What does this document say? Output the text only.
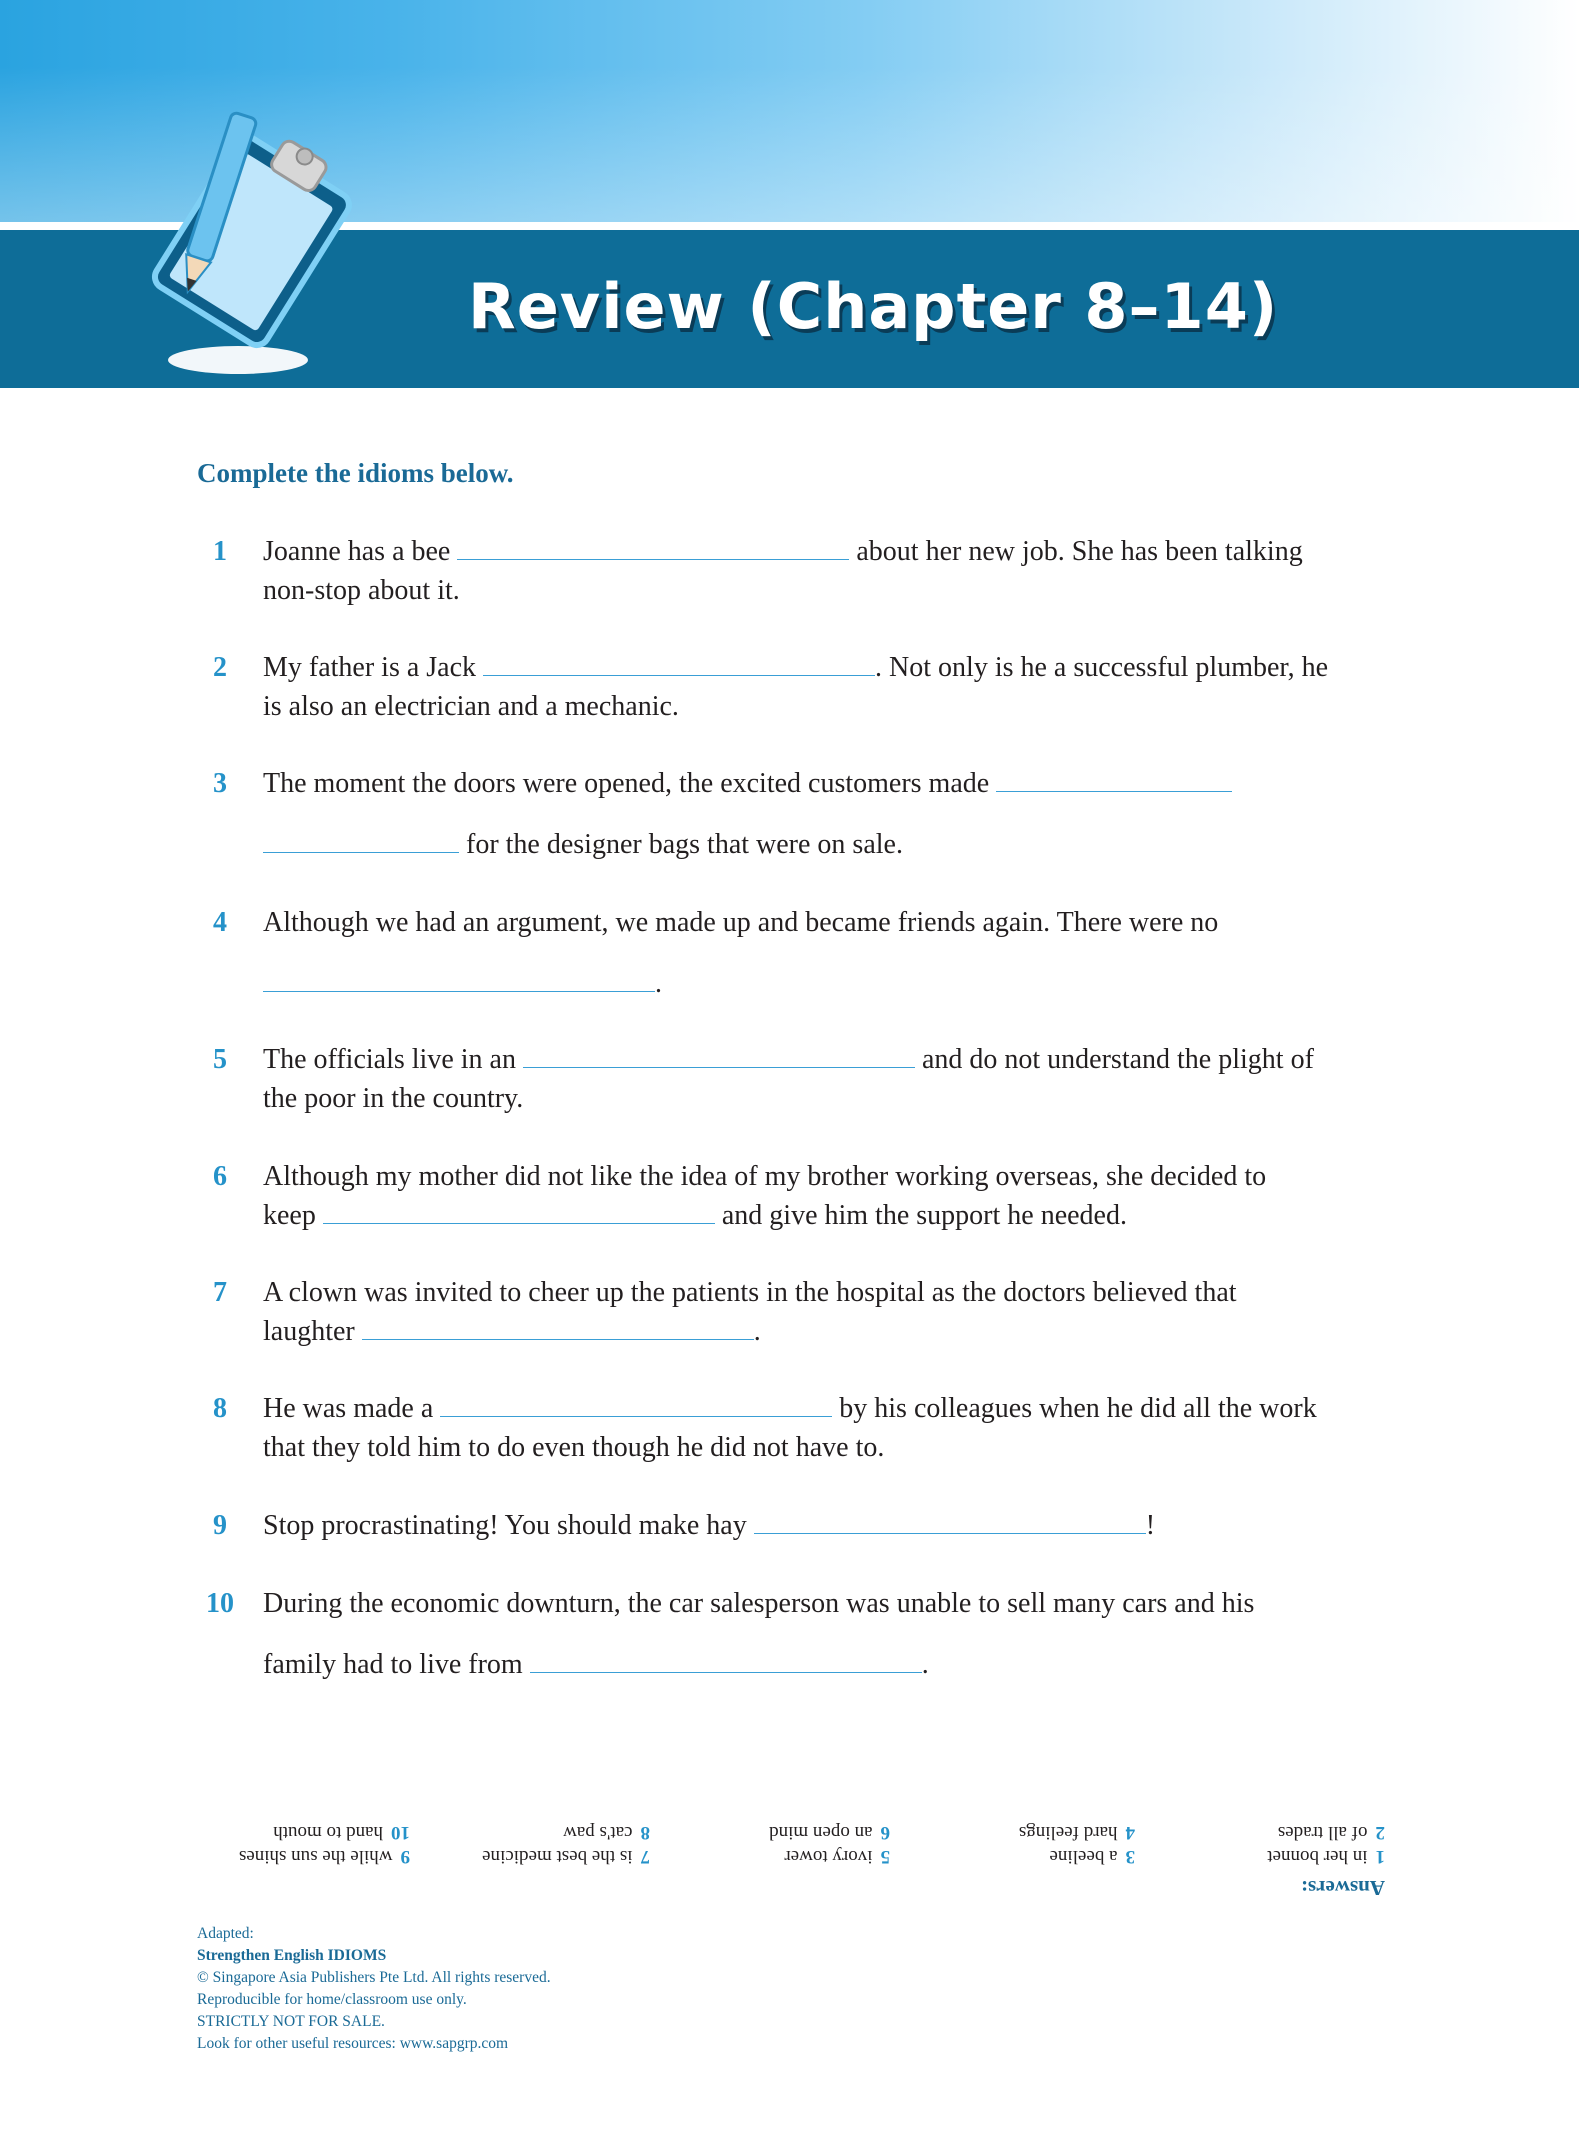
Review (Chapter 8–14)
Complete the idioms below.
1	Joanne has a bee	about her new job. She has been talking
non-stop about it.
2	My father is a Jack	. Not only is he a successful plumber, he
is also an electrician and a mechanic.
3	The moment the doors were opened, the excited customers made
for the designer bags that were on sale.
4	Although we had an argument, we made up and became friends again. There were no
.
5	The officials live in an	and do not understand the plight of
the poor in the country.
6	Although my mother did not like the idea of my brother working overseas, she decided to
keep	and give him the support he needed.
7	A clown was invited to cheer up the patients in the hospital as the doctors believed that
laughter	.
8	He was made a	by his colleagues when he did all the work
that they told him to do even though he did not have to.
9	Stop procrastinating! You should make hay	!
10 During the economic downturn, the car salesperson was unable to sell many cars and his
family had to live from	.
Answers:
1in her bonnet
2of all trades
3a beeline
4hard feelings
5ivory tower
6an open mind
7is the best medicine
8cat's paw
9while the sun shines
10hand to mouth
Adapted:
Strengthen English IDIOMS
© Singapore Asia Publishers Pte Ltd. All rights reserved.
Reproducible for home/classroom use only.
STRICTLY NOT FOR SALE.
Look for other useful resources: www.sapgrp.com
